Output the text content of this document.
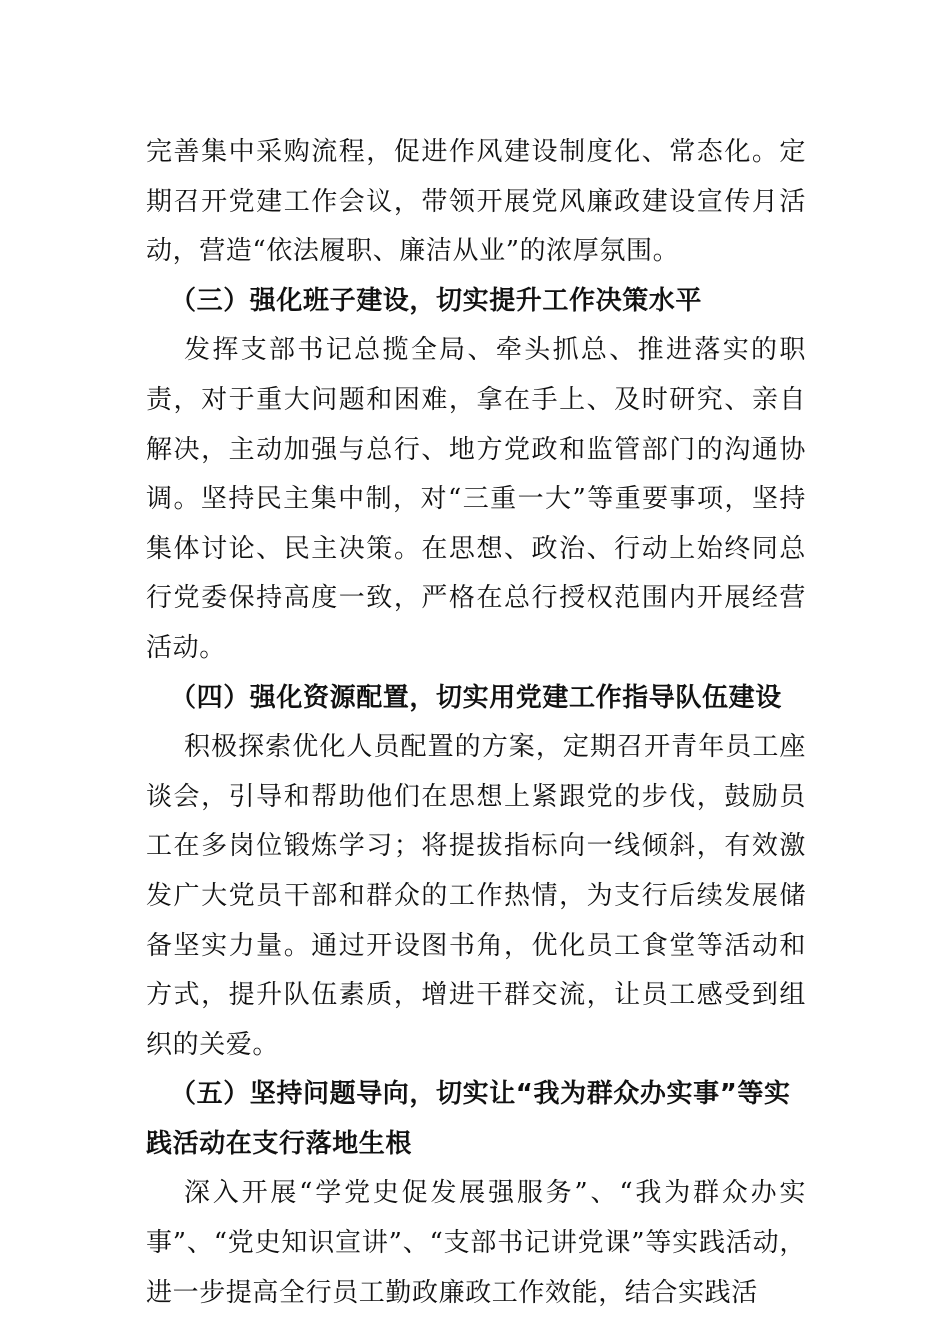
完善集中采购流程，促进作风建设制度化、常态化。定期召开党建工作会议，带领开展党风廉政建设宣传月活动，营造“依法履职、廉洁从业”的浓厚氛围。

（三）强化班子建设，切实提升工作决策水平

发挥支部书记总揽全局、牵头抓总、推进落实的职责，对于重大问题和困难，拿在手上、及时研究、亲自解决，主动加强与总行、地方党政和监管部门的沟通协调。坚持民主集中制，对“三重一大”等重要事项，坚持集体讨论、民主决策。在思想、政治、行动上始终同总行党委保持高度一致，严格在总行授权范围内开展经营活动。

（四）强化资源配置，切实用党建工作指导队伍建设

积极探索优化人员配置的方案，定期召开青年员工座谈会，引导和帮助他们在思想上紧跟党的步伐，鼓励员工在多岗位锻炼学习；将提拔指标向一线倾斜，有效激发广大党员干部和群众的工作热情，为支行后续发展储备坚实力量。通过开设图书角，优化员工食堂等活动和方式，提升队伍素质，增进干群交流，让员工感受到组织的关爱。

（五）坚持问题导向，切实让“我为群众办实事”等实践活动在支行落地生根

深入开展“学党史促发展强服务”、“我为群众办实事”、“党史知识宣讲”、“支部书记讲党课”等实践活动，进一步提高全行员工勤政廉政工作效能，结合实践活
